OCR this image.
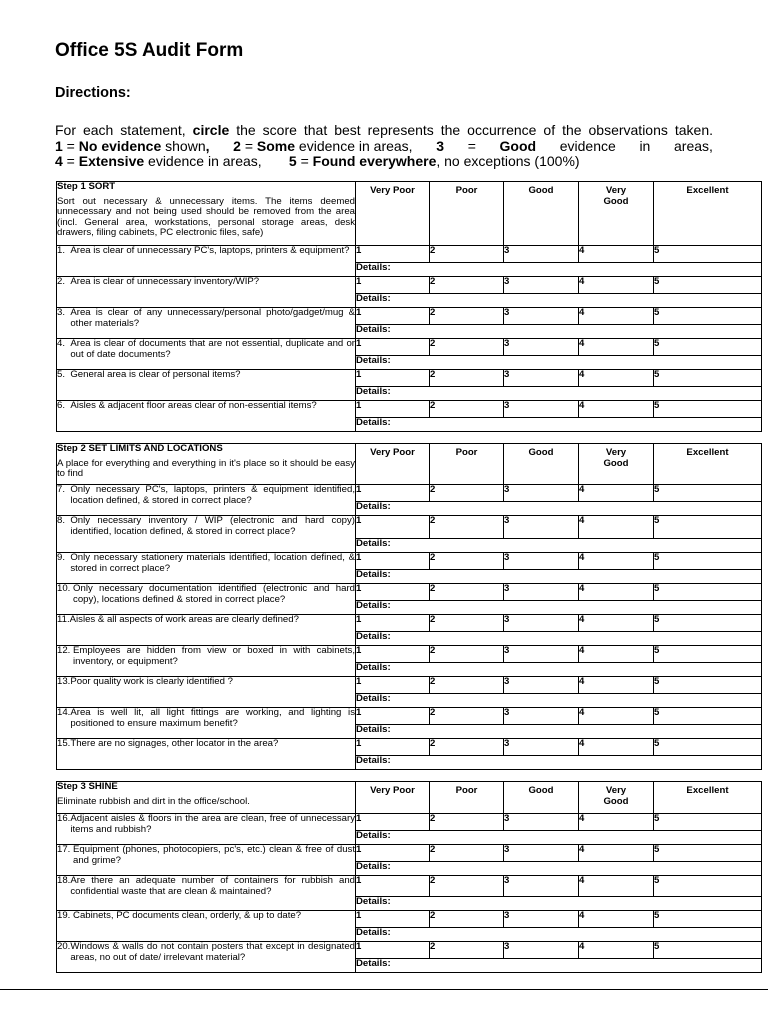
Office 5S Audit Form
Directions:
For each statement, circle the score that best represents the occurrence of the observations taken.
1 = No evidence shown, 2 = Some evidence in areas, 3 = Good evidence in areas,
4 = Extensive evidence in areas,       5 = Found everywhere, no exceptions (100%)
Step 1 SORT
Sort out necessary & unnecessary items. The items deemed unnecessary and not being used should be removed from the area (incl. General area, workstations, personal storage areas, desk drawers, filing cabinets, PC electronic files, safe)	Very Poor	Poor	Good	Very Good	Excellent

1. Area is clear of unnecessary PC's, laptops, printers & equipment?	1	2	3	4	5
	Details:				

2. Area is clear of unnecessary inventory/WIP?	1	2	3	4	5
	Details:				

3. Area is clear of any unnecessary/personal photo/gadget/mug & other materials?	1	2	3	4	5
	Details:				

4. Area is clear of documents that are not essential, duplicate and or out of date documents?	1	2	3	4	5
	Details:				

5. General area is clear of personal items?	1	2	3	4	5
	Details:				

6. Aisles & adjacent floor areas clear of non-essential items?	1	2	3	4	5
	Details:				
Step 2 SET LIMITS AND LOCATIONS
A place for everything and everything in it's place so it should be easy to find	Very Poor	Poor	Good	Very Good	Excellent

7. Only necessary PC's, laptops, printers & equipment identified, location defined, & stored in correct place?	1	2	3	4	5
	Details:				

8. Only necessary inventory / WIP (electronic and hard copy) identified, location defined, & stored in correct place?	1	2	3	4	5
	Details:				

9. Only necessary stationery materials identified, location defined, & stored in correct place?	1	2	3	4	5
	Details:				

10. Only necessary documentation identified (electronic and hard copy), locations defined & stored in correct place?	1	2	3	4	5
	Details:				

11. Aisles & all aspects of work areas are clearly defined?	1	2	3	4	5
	Details:				

12. Employees are hidden from view or boxed in with cabinets, inventory, or equipment?	1	2	3	4	5
	Details:				

13. Poor quality work is clearly identified ?	1	2	3	4	5
	Details:				

14. Area is well lit, all light fittings are working, and lighting is positioned to ensure maximum benefit?	1	2	3	4	5
	Details:				

15. There are no signages, other locator in the area?	1	2	3	4	5
	Details:				
Step 3 SHINE
Eliminate rubbish and dirt in the office/school.	Very Poor	Poor	Good	Very Good	Excellent

16. Adjacent aisles & floors in the area are clean, free of unnecessary items and rubbish?	1	2	3	4	5
	Details:				

17. Equipment (phones, photocopiers, pc's, etc.) clean & free of dust and grime?	1	2	3	4	5
	Details:				

18. Are there an adequate number of containers for rubbish and confidential waste that are clean & maintained?	1	2	3	4	5
	Details:				

19. Cabinets, PC documents clean, orderly, & up to date?	1	2	3	4	5
	Details:				

20. Windows & walls do not contain posters that except in designated areas, no out of date/ irrelevant material?	1	2	3	4	5
	Details:				
